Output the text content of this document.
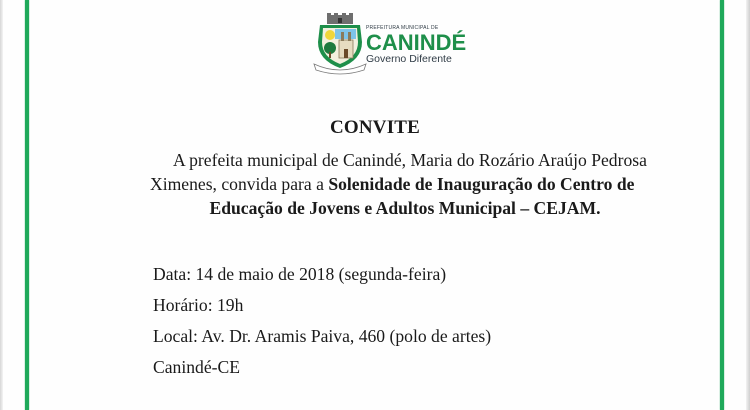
PREFEITURA MUNICIPAL DE
CANINDÉ
Governo Diferente
CONVITE
A prefeita municipal de Canindé, Maria do Rozário Araújo Pedrosa
Ximenes, convida para a Solenidade de Inauguração do Centro de
Educação de Jovens e Adultos Municipal – CEJAM.
Data: 14 de maio de 2018 (segunda-feira)
Horário: 19h
Local: Av. Dr. Aramis Paiva, 460 (polo de artes)
Canindé-CE
